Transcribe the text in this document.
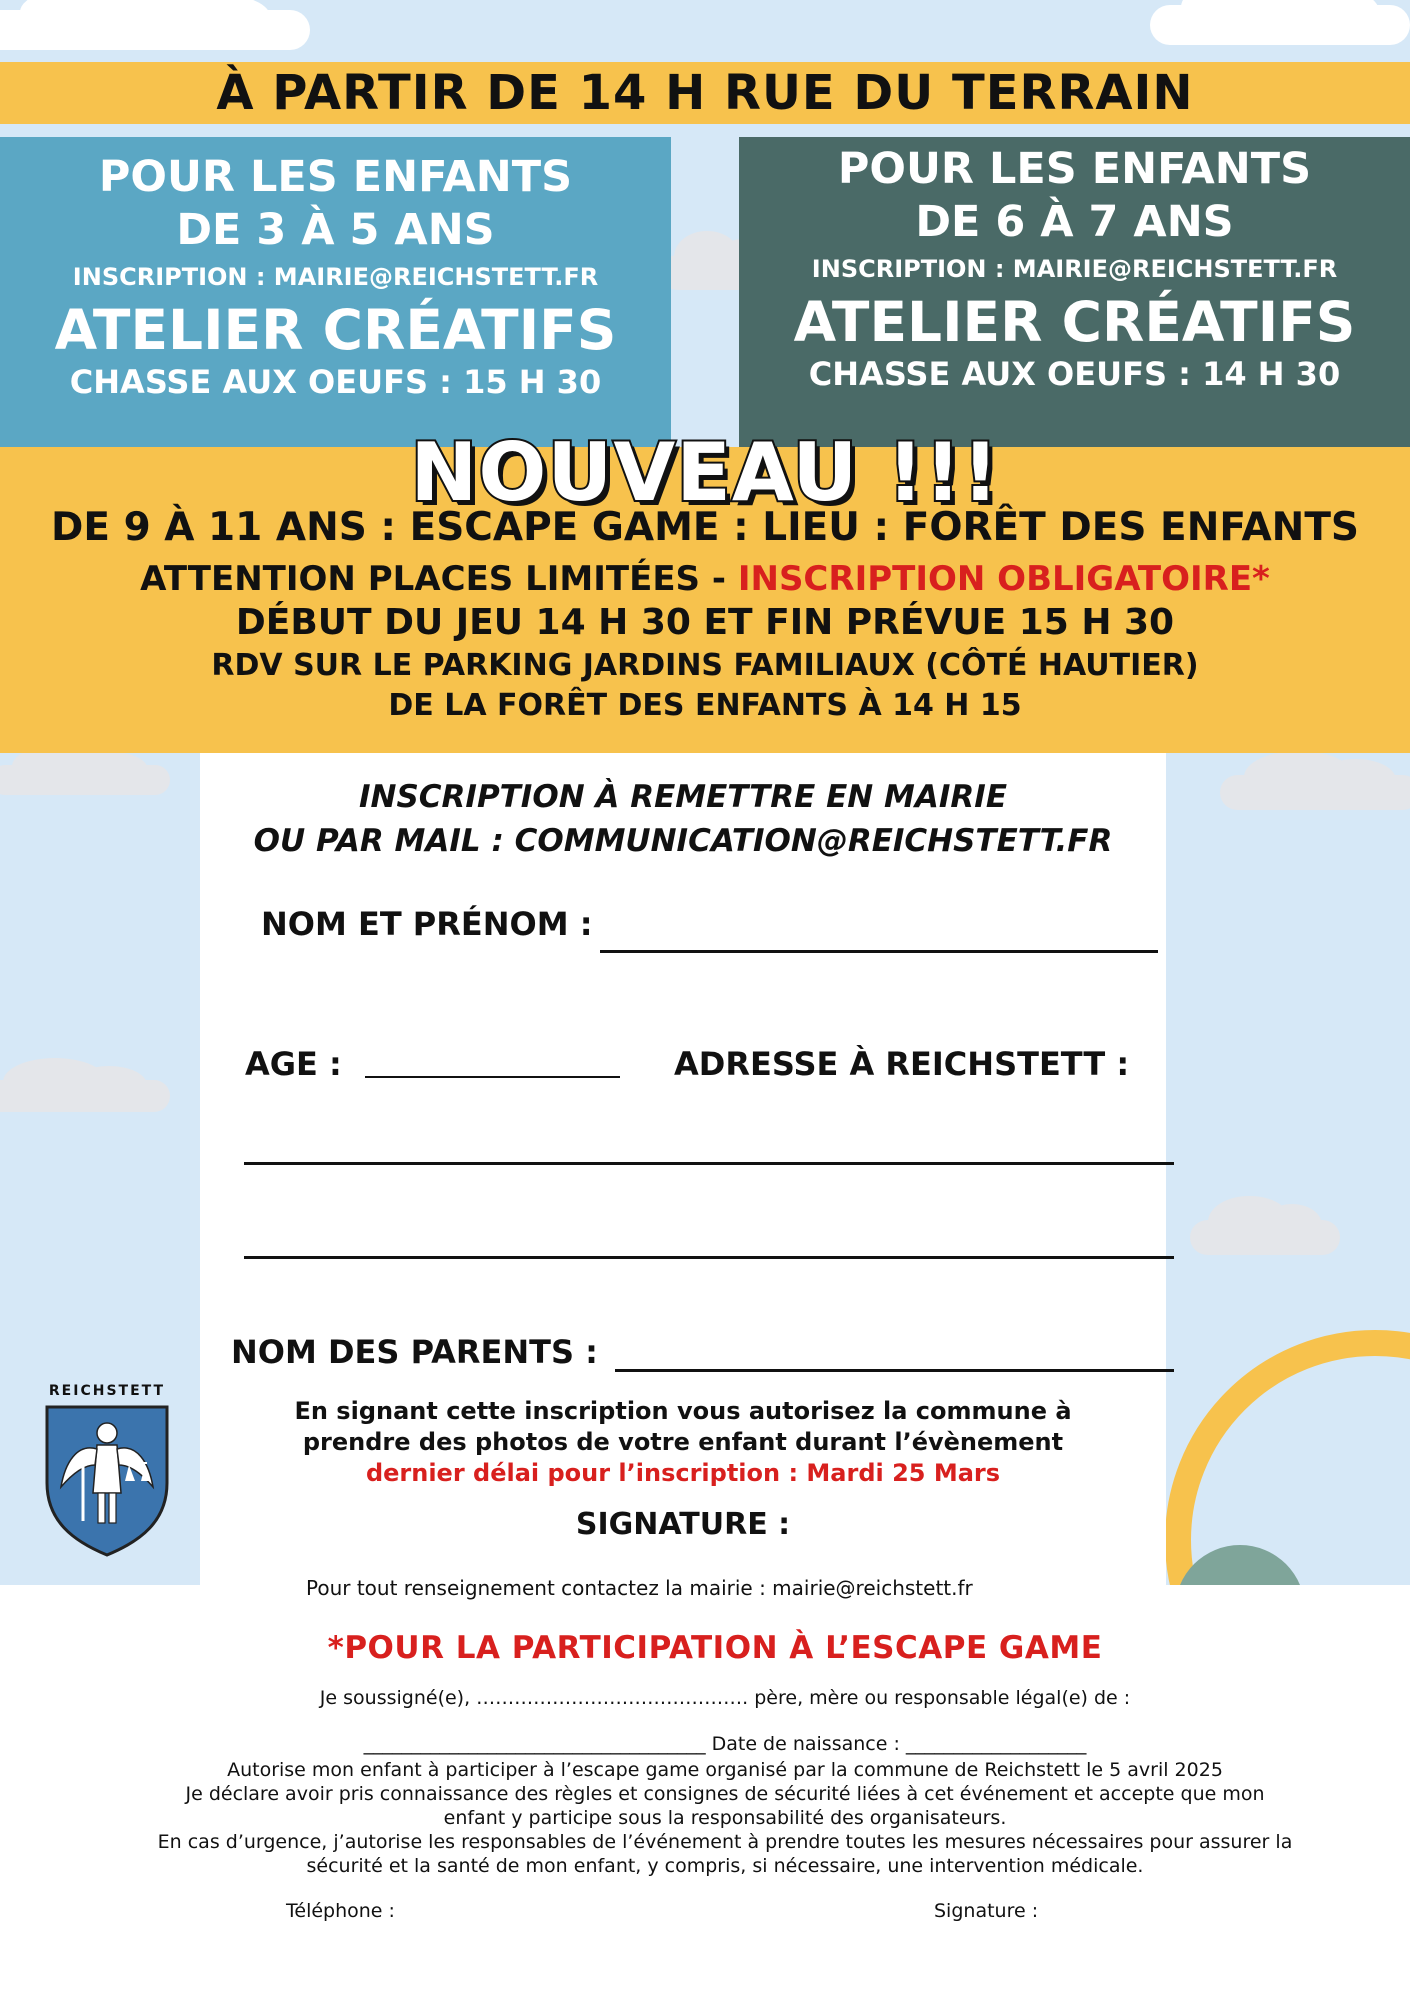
À PARTIR DE 14 H RUE DU TERRAIN
POUR LES ENFANTS
DE 3 À 5 ANS
INSCRIPTION : MAIRIE@REICHSTETT.FR
ATELIER CRÉATIFS
CHASSE AUX OEUFS : 15 H 30
POUR LES ENFANTS
DE 6 À 7 ANS
INSCRIPTION : MAIRIE@REICHSTETT.FR
ATELIER CRÉATIFS
CHASSE AUX OEUFS : 14 H 30
NOUVEAU !!!
DE 9 À 11 ANS : ESCAPE GAME : LIEU : FORÊT DES ENFANTS
ATTENTION PLACES LIMITÉES - INSCRIPTION OBLIGATOIRE*
DÉBUT DU JEU 14 H 30 ET FIN PRÉVUE 15 H 30
RDV SUR LE PARKING JARDINS FAMILIAUX (CÔTÉ HAUTIER)
DE LA FORÊT DES ENFANTS À 14 H 15
INSCRIPTION À REMETTRE EN MAIRIE
OU PAR MAIL : COMMUNICATION@REICHSTETT.FR
NOM ET PRÉNOM :
AGE :	ADRESSE À REICHSTETT :
NOM DES PARENTS :
REICHSTETT
En signant cette inscription vous autorisez la commune à
prendre des photos de votre enfant durant l’évènement
dernier délai pour l’inscription : Mardi 25 Mars
SIGNATURE :
Pour tout renseignement contactez la mairie : mairie@reichstett.fr
*POUR LA PARTICIPATION À L’ESCAPE GAME
Je soussigné(e), ……………………………………. père, mère ou responsable légal(e) de :
____________________________________ Date de naissance : ___________________
Autorise mon enfant à participer à l’escape game organisé par la commune de Reichstett le 5 avril 2025
Je déclare avoir pris connaissance des règles et consignes de sécurité liées à cet événement et accepte que mon
enfant y participe sous la responsabilité des organisateurs.
En cas d’urgence, j’autorise les responsables de l’événement à prendre toutes les mesures nécessaires pour assurer la
sécurité et la santé de mon enfant, y compris, si nécessaire, une intervention médicale.
Téléphone :	Signature :
